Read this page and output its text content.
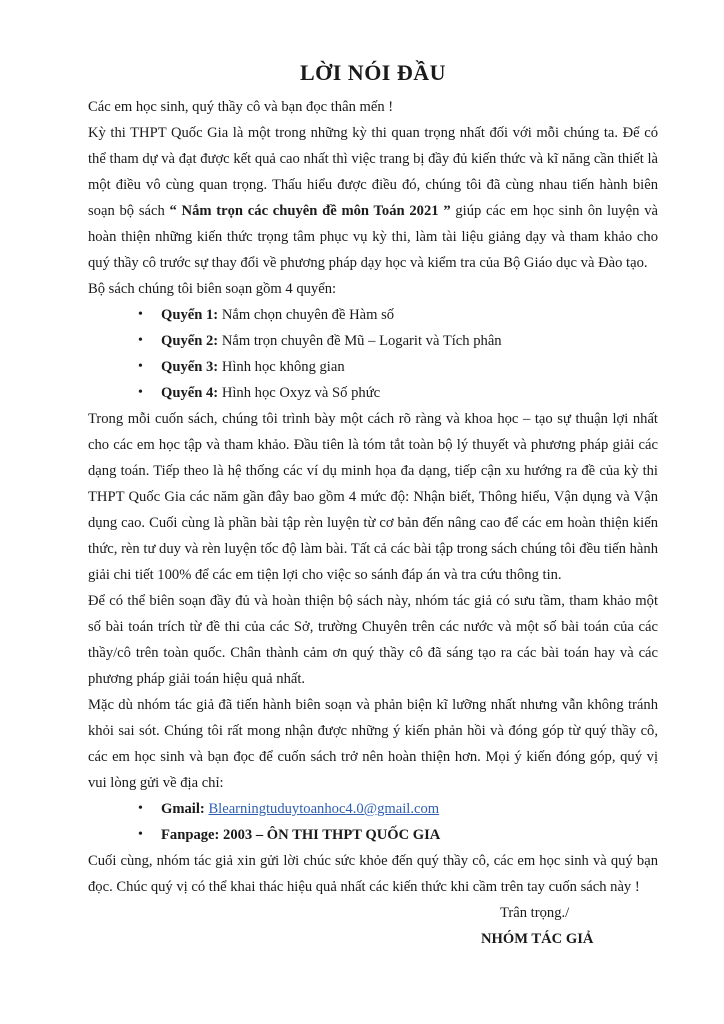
LỜI NÓI ĐẦU

Các em học sinh, quý thầy cô và bạn đọc thân mến !

Kỳ thi THPT Quốc Gia là một trong những kỳ thi quan trọng nhất đối với mỗi chúng ta. Để có thể tham dự và đạt được kết quả cao nhất thì việc trang bị đầy đủ kiến thức và kĩ năng cần thiết là một điều vô cùng quan trọng. Thấu hiểu được điều đó, chúng tôi đã cùng nhau tiến hành biên soạn bộ sách “ Nắm trọn các chuyên đề môn Toán 2021 ” giúp các em học sinh ôn luyện và hoàn thiện những kiến thức trọng tâm phục vụ kỳ thi, làm tài liệu giảng dạy và tham khảo cho quý thầy cô trước sự thay đổi về phương pháp dạy học và kiểm tra của Bộ Giáo dục và Đào tạo.

Bộ sách chúng tôi biên soạn gồm 4 quyển:

• Quyển 1: Nắm chọn chuyên đề Hàm số
• Quyển 2: Nắm trọn chuyên đề Mũ – Logarit và Tích phân
• Quyển 3: Hình học không gian
• Quyển 4: Hình học Oxyz và Số phức

Trong mỗi cuốn sách, chúng tôi trình bày một cách rõ ràng và khoa học – tạo sự thuận lợi nhất cho các em học tập và tham khảo. Đầu tiên là tóm tắt toàn bộ lý thuyết và phương pháp giải các dạng toán. Tiếp theo là hệ thống các ví dụ minh họa đa dạng, tiếp cận xu hướng ra đề của kỳ thi THPT Quốc Gia các năm gần đây bao gồm 4 mức độ: Nhận biết, Thông hiểu, Vận dụng và Vận dụng cao. Cuối cùng là phần bài tập rèn luyện từ cơ bản đến nâng cao để các em hoàn thiện kiến thức, rèn tư duy và rèn luyện tốc độ làm bài. Tất cả các bài tập trong sách chúng tôi đều tiến hành giải chi tiết 100% để các em tiện lợi cho việc so sánh đáp án và tra cứu thông tin.

Để có thể biên soạn đầy đủ và hoàn thiện bộ sách này, nhóm tác giả có sưu tầm, tham khảo một số bài toán trích từ đề thi của các Sở, trường Chuyên trên các nước và một số bài toán của các thầy/cô trên toàn quốc. Chân thành cảm ơn quý thầy cô đã sáng tạo ra các bài toán hay và các phương pháp giải toán hiệu quả nhất.

Mặc dù nhóm tác giả đã tiến hành biên soạn và phản biện kĩ lưỡng nhất nhưng vẫn không tránh khỏi sai sót. Chúng tôi rất mong nhận được những ý kiến phản hồi và đóng góp từ quý thầy cô, các em học sinh và bạn đọc để cuốn sách trở nên hoàn thiện hơn. Mọi ý kiến đóng góp, quý vị vui lòng gửi về địa chỉ:

• Gmail: Blearningtuduytoanhoc4.0@gmail.com
• Fanpage: 2003 – ÔN THI THPT QUỐC GIA

Cuối cùng, nhóm tác giả xin gửi lời chúc sức khỏe đến quý thầy cô, các em học sinh và quý bạn đọc. Chúc quý vị có thể khai thác hiệu quả nhất các kiến thức khi cầm trên tay cuốn sách này !

Trân trọng./
NHÓM TÁC GIẢ
